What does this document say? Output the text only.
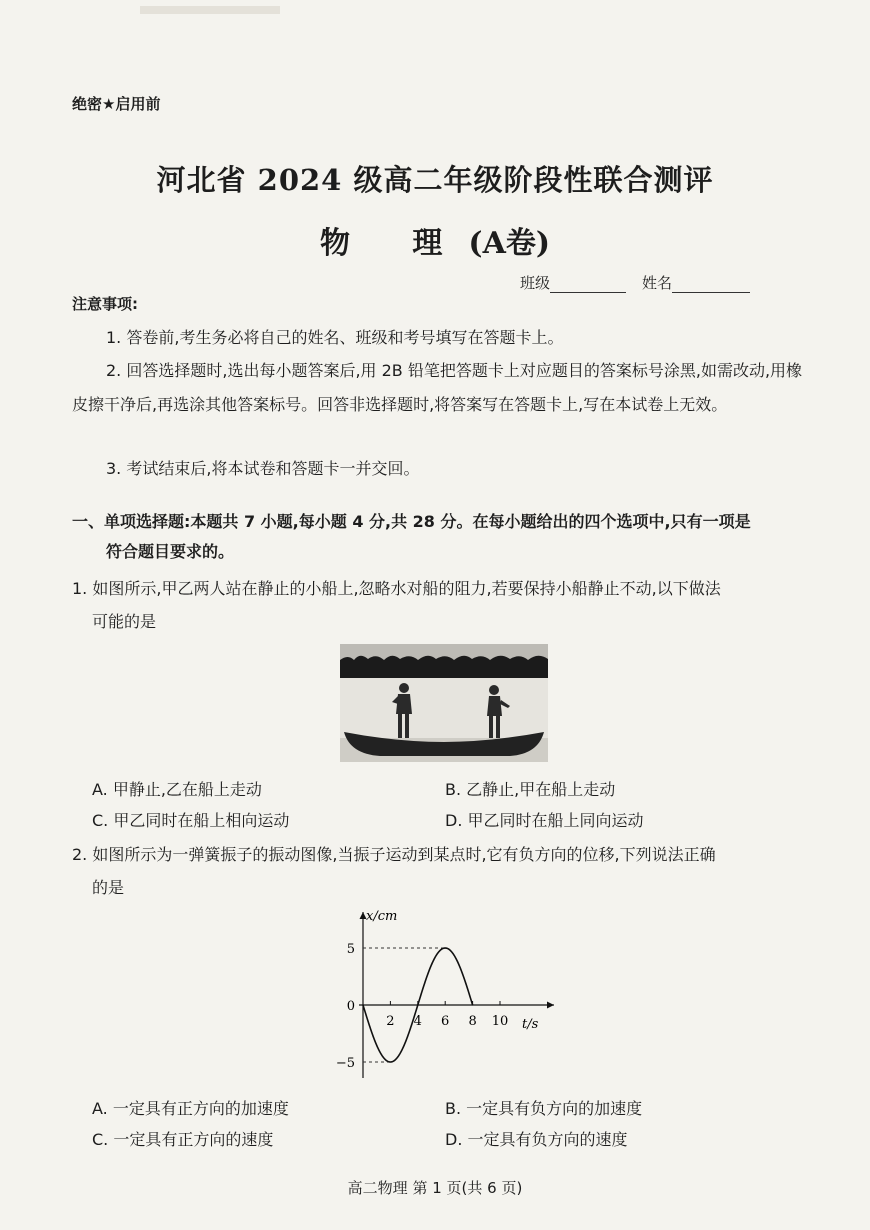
绝密★启用前
河北省 2024 级高二年级阶段性联合测评
物 理(A卷)
班级	姓名
注意事项:
1. 答卷前,考生务必将自己的姓名、班级和考号填写在答题卡上。
2. 回答选择题时,选出每小题答案后,用 2B 铅笔把答题卡上对应题目的答案标号涂黑,如需改动,用橡皮擦干净后,再选涂其他答案标号。回答非选择题时,将答案写在答题卡上,写在本试卷上无效。
3. 考试结束后,将本试卷和答题卡一并交回。
一、单项选择题:本题共 7 小题,每小题 4 分,共 28 分。在每小题给出的四个选项中,只有一项是
符合题目要求的。
1. 如图所示,甲乙两人站在静止的小船上,忽略水对船的阻力,若要保持小船静止不动,以下做法
可能的是
A. 甲静止,乙在船上走动	B. 乙静止,甲在船上走动
C. 甲乙同时在船上相向运动	D. 甲乙同时在船上同向运动
2. 如图所示为一弹簧振子的振动图像,当振子运动到某点时,它有负方向的位移,下列说法正确
的是
2 4 6 8 10
5
0
−5
x/cm
t/s
A. 一定具有正方向的加速度	B. 一定具有负方向的加速度
C. 一定具有正方向的速度	D. 一定具有负方向的速度
高二物理 第 1 页(共 6 页)
